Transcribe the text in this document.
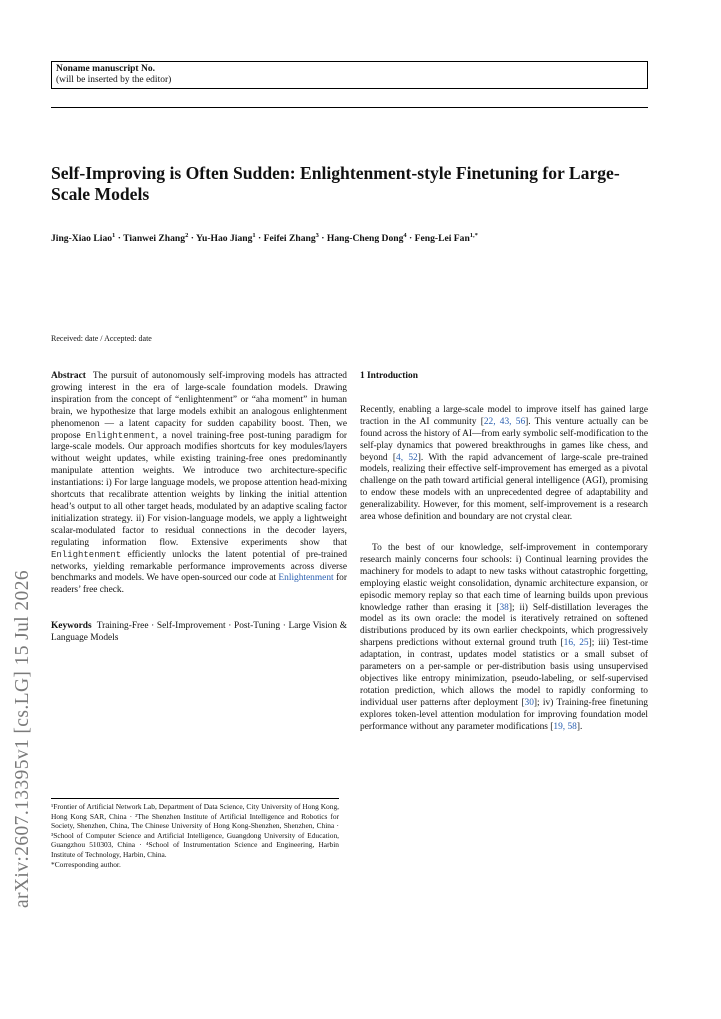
Noname manuscript No.
(will be inserted by the editor)
Self-Improving is Often Sudden: Enlightenment-style Finetuning for Large-Scale Models
Jing-Xiao Liao$^1$ · Tianwei Zhang$^2$ · Yu-Hao Jiang$^1$ · Feifei Zhang$^3$ · Hang-Cheng Dong$^4$ · Feng-Lei Fan$^{1,*}$
Received: date / Accepted: date
arXiv:2607.13395v1 [cs.LG] 15 Jul 2026

Abstract The pursuit of autonomously self-improving models has attracted growing interest in the era of large-scale foundation models. Drawing inspiration from the concept of “enlightenment” or “aha moment” in human brain, we hypothesize that large models exhibit an analogous enlightenment phenomenon — a latent capacity for sudden capability boost. Then, we propose Enlightenment, a novel training-free post-tuning paradigm for large-scale models. Our approach modifies shortcuts for key modules/layers without weight updates, while existing training-free ones predominantly manipulate attention weights. We introduce two architecture-specific instantiations: i) For large language models, we propose attention head-mixing shortcuts that recalibrate attention weights by linking the initial attention head’s output to all other target heads, modulated by an adaptive scaling factor initialization strategy. ii) For vision-language models, we apply a lightweight scalar-modulated factor to residual connections in the decoder layers, regulating information flow. Extensive experiments show that Enlightenment efficiently unlocks the latent potential of pre-trained networks, yielding remarkable performance improvements across diverse benchmarks and models. We have open-sourced our code at Enlightenment for readers’ free check.

Keywords Training-Free · Self-Improvement · Post-Tuning · Large Vision & Language Models

¹Frontier of Artificial Network Lab, Department of Data Science, City University of Hong Kong, Hong Kong SAR, China · ²The Shenzhen Institute of Artificial Intelligence and Robotics for Society, Shenzhen, China, The Chinese University of Hong Kong-Shenzhen, Shenzhen, China · ³School of Computer Science and Artificial Intelligence, Guangdong University of Education, Guangzhou 510303, China · ⁴School of Instrumentation Science and Engineering, Harbin Institute of Technology, Harbin, China.
*Corresponding author.

1 Introduction

Recently, enabling a large-scale model to improve itself has gained large traction in the AI community [22, 43, 56]. This venture actually can be found across the history of AI—from early symbolic self-modification to the self-play dynamics that powered breakthroughs in games like chess, and beyond [4, 52]. With the rapid advancement of large-scale pre-trained models, realizing their effective self-improvement has emerged as a pivotal challenge on the path toward artificial general intelligence (AGI), promising to endow these models with an unprecedented degree of adaptability and generalizability. However, for this moment, self-improvement is a research area whose definition and boundary are not crystal clear.

To the best of our knowledge, self-improvement in contemporary research mainly concerns four schools: i) Continual learning provides the machinery for models to adapt to new tasks without catastrophic forgetting, employing elastic weight consolidation, dynamic architecture expansion, or episodic memory replay so that each time of learning builds upon previous knowledge rather than erasing it [38]; ii) Self-distillation leverages the model as its own oracle: the model is iteratively retrained on softened distributions produced by its own earlier checkpoints, which progressively sharpens predictions without external ground truth [16, 25]; iii) Test-time adaptation, in contrast, updates model statistics or a small subset of parameters on a per-sample or per-distribution basis using unsupervised objectives like entropy minimization, pseudo-labeling, or self-supervised rotation prediction, which allows the model to rapidly conforming to individual user patterns after deployment [30]; iv) Training-free finetuning explores token-level attention modulation for improving foundation model performance without any parameter modifications [19, 58].
